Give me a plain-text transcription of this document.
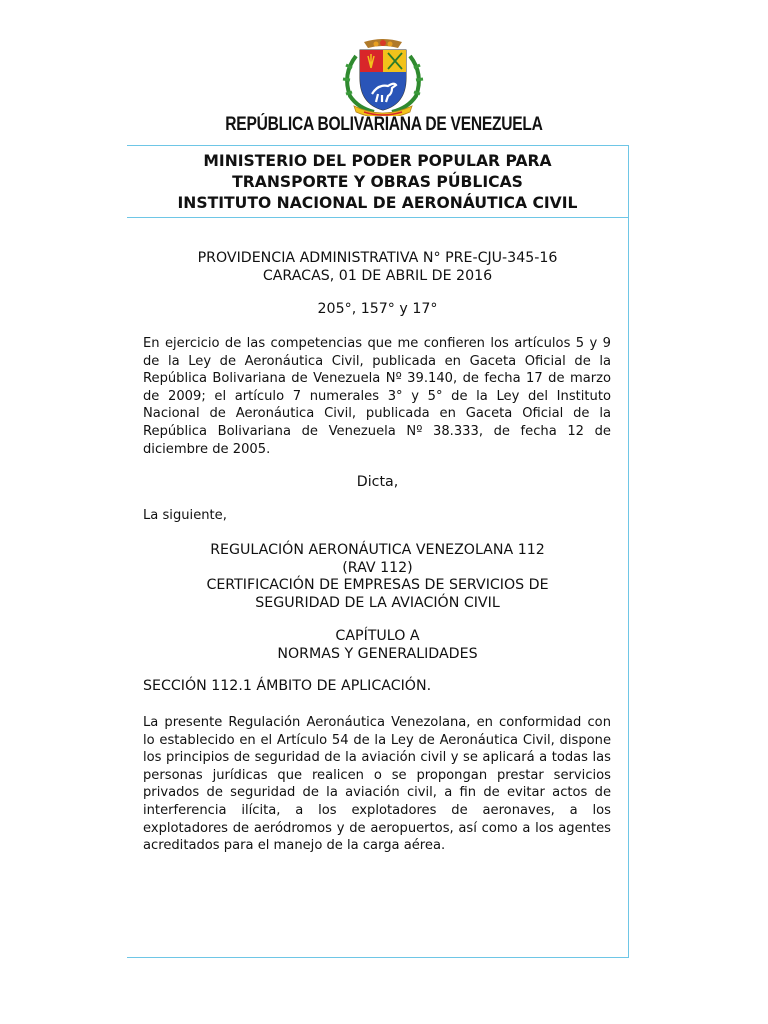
REPÚBLICA BOLIVARIANA DE VENEZUELA
MINISTERIO DEL PODER POPULAR PARA
TRANSPORTE Y OBRAS PÚBLICAS
INSTITUTO NACIONAL DE AERONÁUTICA CIVIL
PROVIDENCIA ADMINISTRATIVA N° PRE-CJU-345-16
CARACAS, 01 DE ABRIL DE 2016
205°, 157° y 17°
En ejercicio de las competencias que me confieren los artículos 5 y 9 de la Ley de Aeronáutica Civil, publicada en Gaceta Oficial de la República Bolivariana de Venezuela Nº 39.140, de fecha 17 de marzo de 2009; el artículo 7 numerales 3° y 5° de la Ley del Instituto Nacional de Aeronáutica Civil, publicada en Gaceta Oficial de la República Bolivariana de Venezuela Nº 38.333, de fecha 12 de diciembre de 2005.
Dicta,
La siguiente,
REGULACIÓN AERONÁUTICA VENEZOLANA 112
(RAV 112)
CERTIFICACIÓN DE EMPRESAS DE SERVICIOS DE
SEGURIDAD DE LA AVIACIÓN CIVIL
CAPÍTULO A
NORMAS Y GENERALIDADES
SECCIÓN 112.1 ÁMBITO DE APLICACIÓN.
La presente Regulación Aeronáutica Venezolana, en conformidad con lo establecido en el Artículo 54 de la Ley de Aeronáutica Civil, dispone los principios de seguridad de la aviación civil y se aplicará a todas las personas jurídicas que realicen o se propongan prestar servicios privados de seguridad de la aviación civil, a fin de evitar actos de interferencia ilícita, a los explotadores de aeronaves, a los explotadores de aeródromos y de aeropuertos, así como a los agentes acreditados para el manejo de la carga aérea.
